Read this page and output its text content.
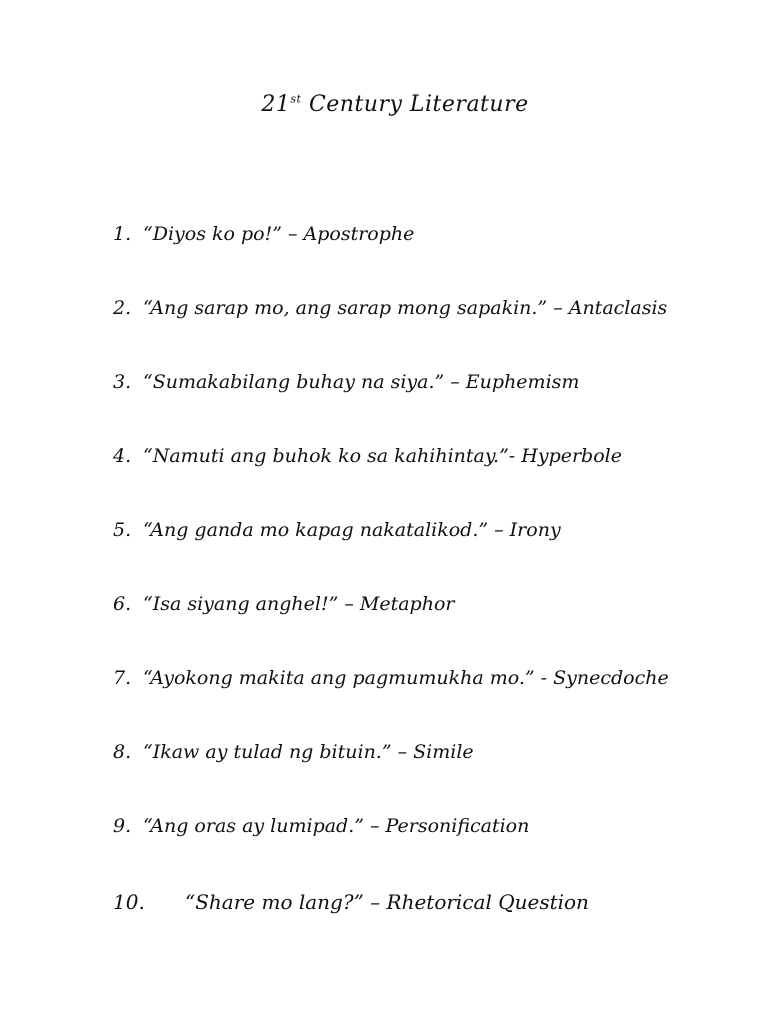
21st Century Literature
1. “Diyos ko po!” – Apostrophe
2. “Ang sarap mo, ang sarap mong sapakin.” – Antaclasis
3. “Sumakabilang buhay na siya.” – Euphemism
4. “Namuti ang buhok ko sa kahihintay.”- Hyperbole
5. “Ang ganda mo kapag nakatalikod.” – Irony
6. “Isa siyang anghel!” – Metaphor
7. “Ayokong makita ang pagmumukha mo.” - Synecdoche
8. “Ikaw ay tulad ng bituin.” – Simile
9. “Ang oras ay lumipad.” – Personification
10. “Share mo lang?” – Rhetorical Question
